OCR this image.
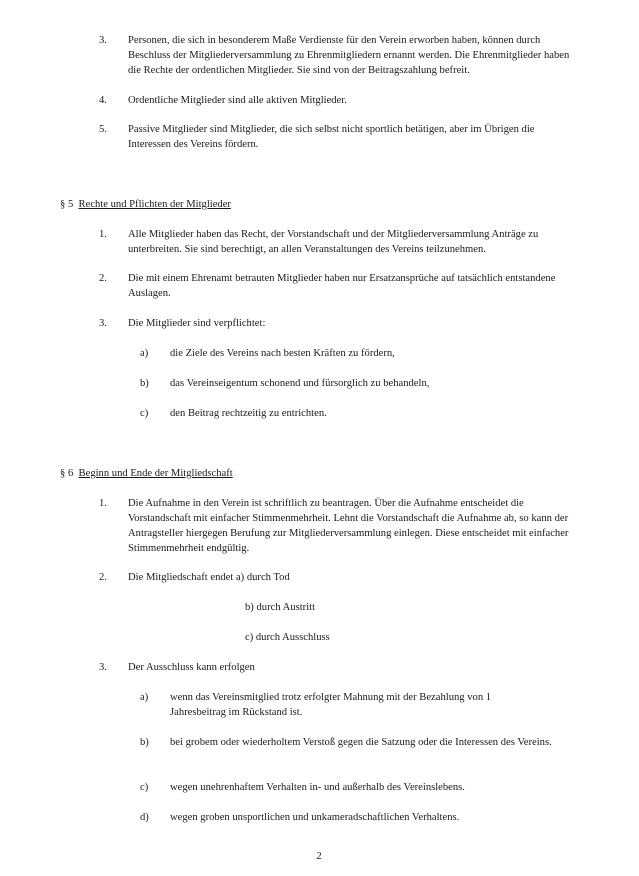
3.	Personen, die sich in besonderem Maße Verdienste für den Verein erworben haben, können durch Beschluss der Mitgliederversammlung zu Ehrenmitgliedern ernannt werden. Die Ehrenmitglieder haben die Rechte der ordentlichen Mitglieder. Sie sind von der Beitragszahlung befreit.
4.	Ordentliche Mitglieder sind alle aktiven Mitglieder.
5.	Passive Mitglieder sind Mitglieder, die sich selbst nicht sportlich betätigen, aber im Übrigen die Interessen des Vereins fördern.
§ 5 Rechte und Pflichten der Mitglieder
1.	Alle Mitglieder haben das Recht, der Vorstandschaft und der Mitgliederversammlung Anträge zu unterbreiten. Sie sind berechtigt, an allen Veranstaltungen des Vereins teilzunehmen.
2.	Die mit einem Ehrenamt betrauten Mitglieder haben nur Ersatzansprüche auf tatsächlich entstandene Auslagen.
3.	Die Mitglieder sind verpflichtet:
a)	die Ziele des Vereins nach besten Kräften zu fördern,
b)	das Vereinseigentum schonend und fürsorglich zu behandeln,
c)	den Beitrag rechtzeitig zu entrichten.
§ 6 Beginn und Ende der Mitgliedschaft
1.	Die Aufnahme in den Verein ist schriftlich zu beantragen. Über die Aufnahme entscheidet die Vorstandschaft mit einfacher Stimmenmehrheit. Lehnt die Vorstandschaft die Aufnahme ab, so kann der Antragsteller hiergegen Berufung zur Mitgliederversammlung einlegen. Diese entscheidet mit einfacher Stimmenmehrheit endgültig.
2.	Die Mitgliedschaft endet a) durch Tod
b) durch Austritt
c) durch Ausschluss
3.	Der Ausschluss kann erfolgen
a)	wenn das Vereinsmitglied trotz erfolgter Mahnung mit der Bezahlung von 1 Jahresbeitrag im Rückstand ist.
b)	bei grobem oder wiederholtem Verstoß gegen die Satzung oder die Interessen des Vereins.
c)	wegen unehrenhaftem Verhalten in- und außerhalb des Vereinslebens.
d)	wegen groben unsportlichen und unkameradschaftlichen Verhaltens.
2
